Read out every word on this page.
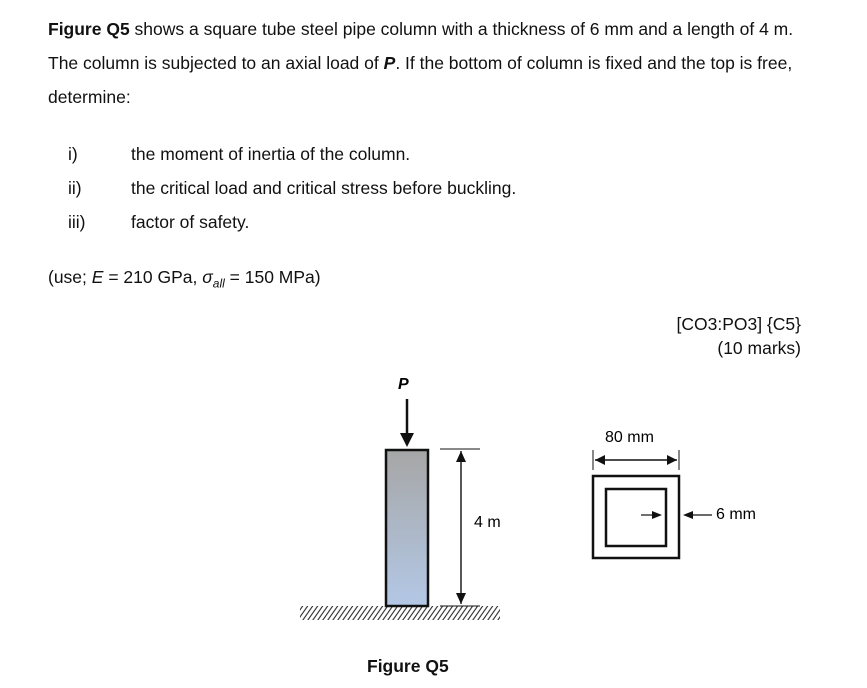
Figure Q5 shows a square tube steel pipe column with a thickness of 6 mm and a length of 4 m. The column is subjected to an axial load of P. If the bottom of column is fixed and the top is free, determine:
i)	the moment of inertia of the column.
ii)	the critical load and critical stress before buckling.
iii)	factor of safety.
(use; E = 210 GPa, $\sigma_{all} = 150$ MPa)
[CO3:PO3] {C5}
(10 marks)
P
4 m
80 mm
6 mm
Figure Q5
